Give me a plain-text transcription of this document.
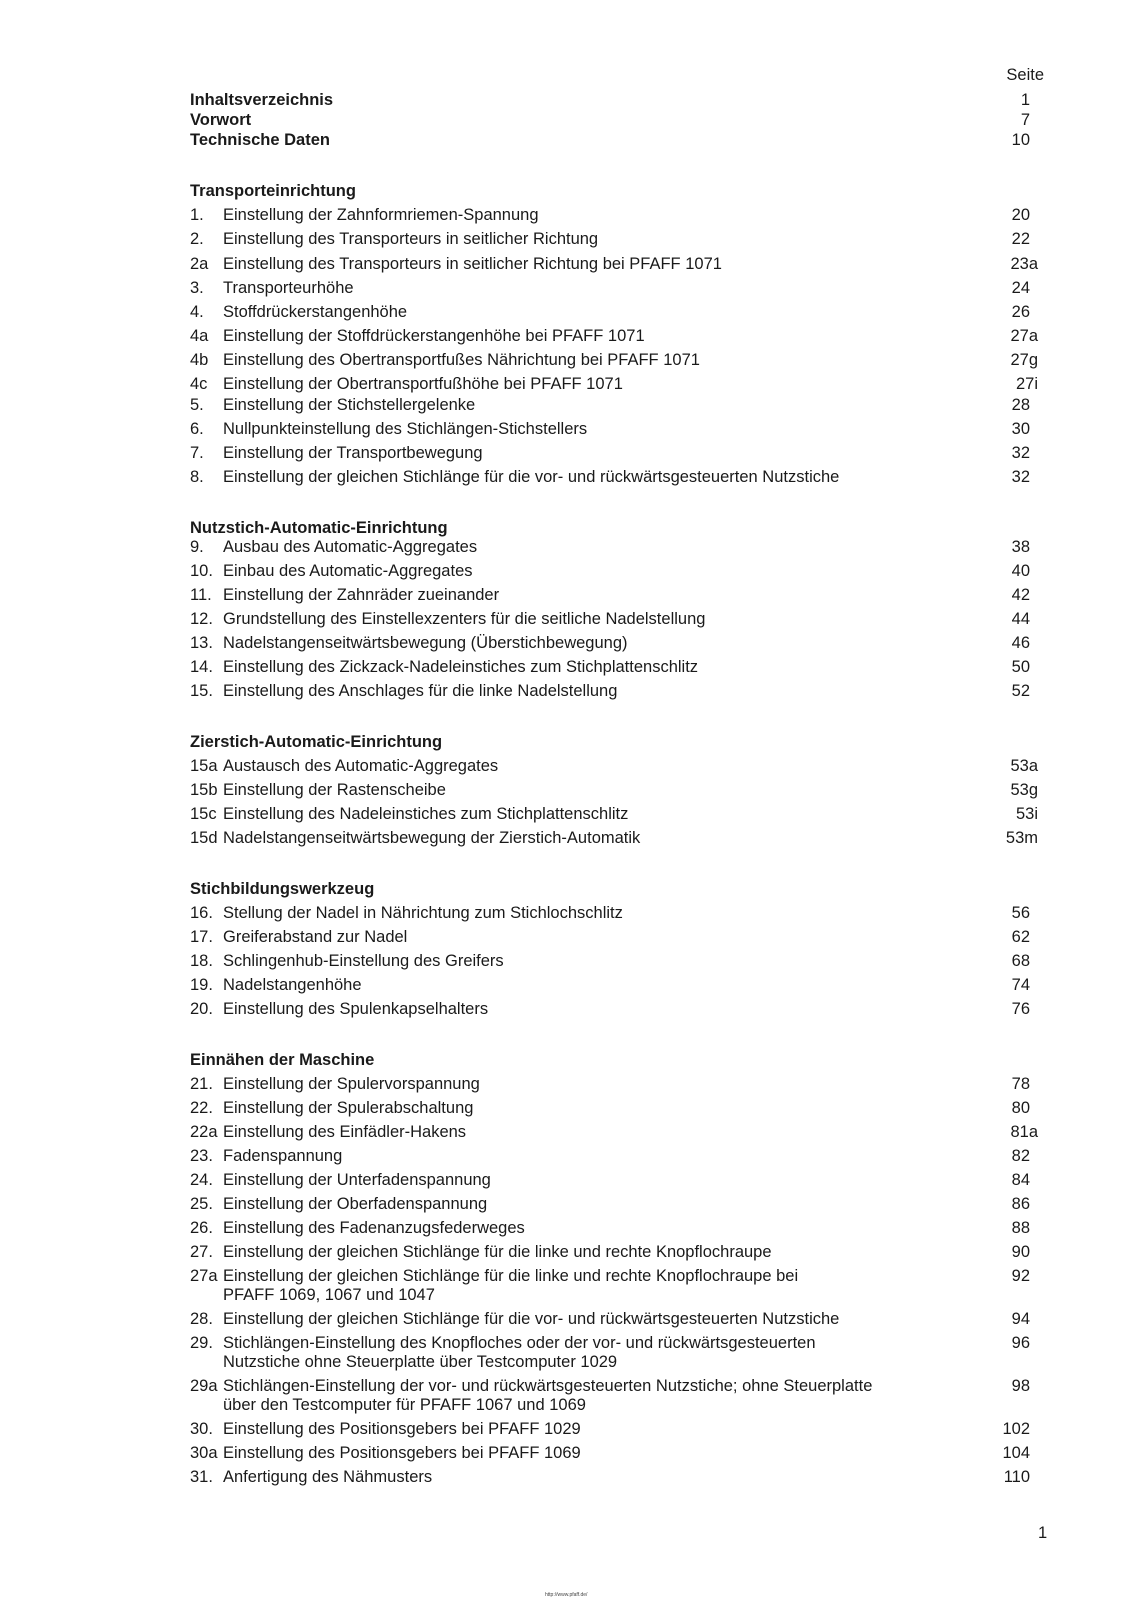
Seite
Inhaltsverzeichnis	1
Vorwort	7
Technische Daten	10
Transporteinrichtung
1. Einstellung der Zahnformriemen-Spannung	20
2. Einstellung des Transporteurs in seitlicher Richtung	22
2a Einstellung des Transporteurs in seitlicher Richtung bei PFAFF 1071	23a
3. Transporteurhöhe	24
4. Stoffdrückerstangenhöhe	26
4a Einstellung der Stoffdrückerstangenhöhe bei PFAFF 1071	27a
4b Einstellung des Obertransportfußes Nährichtung bei PFAFF 1071	27g
4c Einstellung der Obertransportfußhöhe bei PFAFF 1071	27i
5. Einstellung der Stichstellergelenke	28
6. Nullpunkteinstellung des Stichlängen-Stichstellers	30
7. Einstellung der Transportbewegung	32
8. Einstellung der gleichen Stichlänge für die vor- und rückwärtsgesteuerten Nutzstiche	32
Nutzstich-Automatic-Einrichtung
9. Ausbau des Automatic-Aggregates	38
10. Einbau des Automatic-Aggregates	40
11. Einstellung der Zahnräder zueinander	42
12. Grundstellung des Einstellexzenters für die seitliche Nadelstellung	44
13. Nadelstangenseitwärtsbewegung (Überstichbewegung)	46
14. Einstellung des Zickzack-Nadeleinstiches zum Stichplattenschlitz	50
15. Einstellung des Anschlages für die linke Nadelstellung	52
Zierstich-Automatic-Einrichtung
15a Austausch des Automatic-Aggregates	53a
15b Einstellung der Rastenscheibe	53g
15c Einstellung des Nadeleinstiches zum Stichplattenschlitz	53i
15d Nadelstangenseitwärtsbewegung der Zierstich-Automatik	53m
Stichbildungswerkzeug
16. Stellung der Nadel in Nährichtung zum Stichlochschlitz	56
17. Greiferabstand zur Nadel	62
18. Schlingenhub-Einstellung des Greifers	68
19. Nadelstangenhöhe	74
20. Einstellung des Spulenkapselhalters	76
Einnähen der Maschine
21. Einstellung der Spulervorspannung	78
22. Einstellung der Spulerabschaltung	80
22a Einstellung des Einfädler-Hakens	81a
23. Fadenspannung	82
24. Einstellung der Unterfadenspannung	84
25. Einstellung der Oberfadenspannung	86
26. Einstellung des Fadenanzugsfederweges	88
27. Einstellung der gleichen Stichlänge für die linke und rechte Knopflochraupe	90
27a Einstellung der gleichen Stichlänge für die linke und rechte Knopflochraupe bei	92
PFAFF 1069, 1067 und 1047
28. Einstellung der gleichen Stichlänge für die vor- und rückwärtsgesteuerten Nutzstiche	94
29. Stichlängen-Einstellung des Knopfloches oder der vor- und rückwärtsgesteuerten	96
Nutzstiche ohne Steuerplatte über Testcomputer 1029
29a Stichlängen-Einstellung der vor- und rückwärtsgesteuerten Nutzstiche; ohne Steuerplatte	98
über den Testcomputer für PFAFF 1067 und 1069
30. Einstellung des Positionsgebers bei PFAFF 1029	102
30a Einstellung des Positionsgebers bei PFAFF 1069	104
31. Anfertigung des Nähmusters	110
1
http://www.pfaff.de/
